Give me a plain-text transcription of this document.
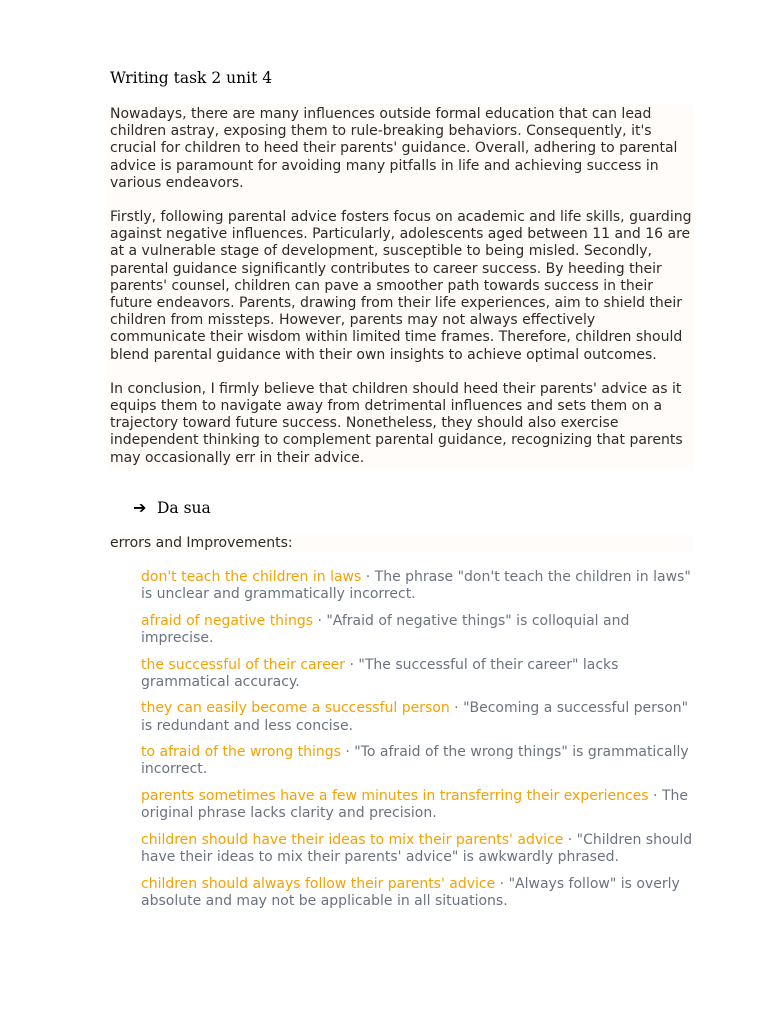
Writing task 2 unit 4

Nowadays, there are many influences outside formal education that can lead children astray, exposing them to rule-breaking behaviors. Consequently, it's crucial for children to heed their parents' guidance. Overall, adhering to parental advice is paramount for avoiding many pitfalls in life and achieving success in various endeavors.

Firstly, following parental advice fosters focus on academic and life skills, guarding against negative influences. Particularly, adolescents aged between 11 and 16 are at a vulnerable stage of development, susceptible to being misled. Secondly, parental guidance significantly contributes to career success. By heeding their parents' counsel, children can pave a smoother path towards success in their future endeavors. Parents, drawing from their life experiences, aim to shield their children from missteps. However, parents may not always effectively communicate their wisdom within limited time frames. Therefore, children should blend parental guidance with their own insights to achieve optimal outcomes.

In conclusion, I firmly believe that children should heed their parents' advice as it equips them to navigate away from detrimental influences and sets them on a trajectory toward future success. Nonetheless, they should also exercise independent thinking to complement parental guidance, recognizing that parents may occasionally err in their advice.

➔ Da sua
errors and Improvements:
don't teach the children in laws · The phrase "don't teach the children in laws" is unclear and grammatically incorrect.
afraid of negative things · "Afraid of negative things" is colloquial and imprecise.
the successful of their career · "The successful of their career" lacks grammatical accuracy.
they can easily become a successful person · "Becoming a successful person" is redundant and less concise.
to afraid of the wrong things · "To afraid of the wrong things" is grammatically incorrect.
parents sometimes have a few minutes in transferring their experiences · The original phrase lacks clarity and precision.
children should have their ideas to mix their parents' advice · "Children should have their ideas to mix their parents' advice" is awkwardly phrased.
children should always follow their parents' advice · "Always follow" is overly absolute and may not be applicable in all situations.
